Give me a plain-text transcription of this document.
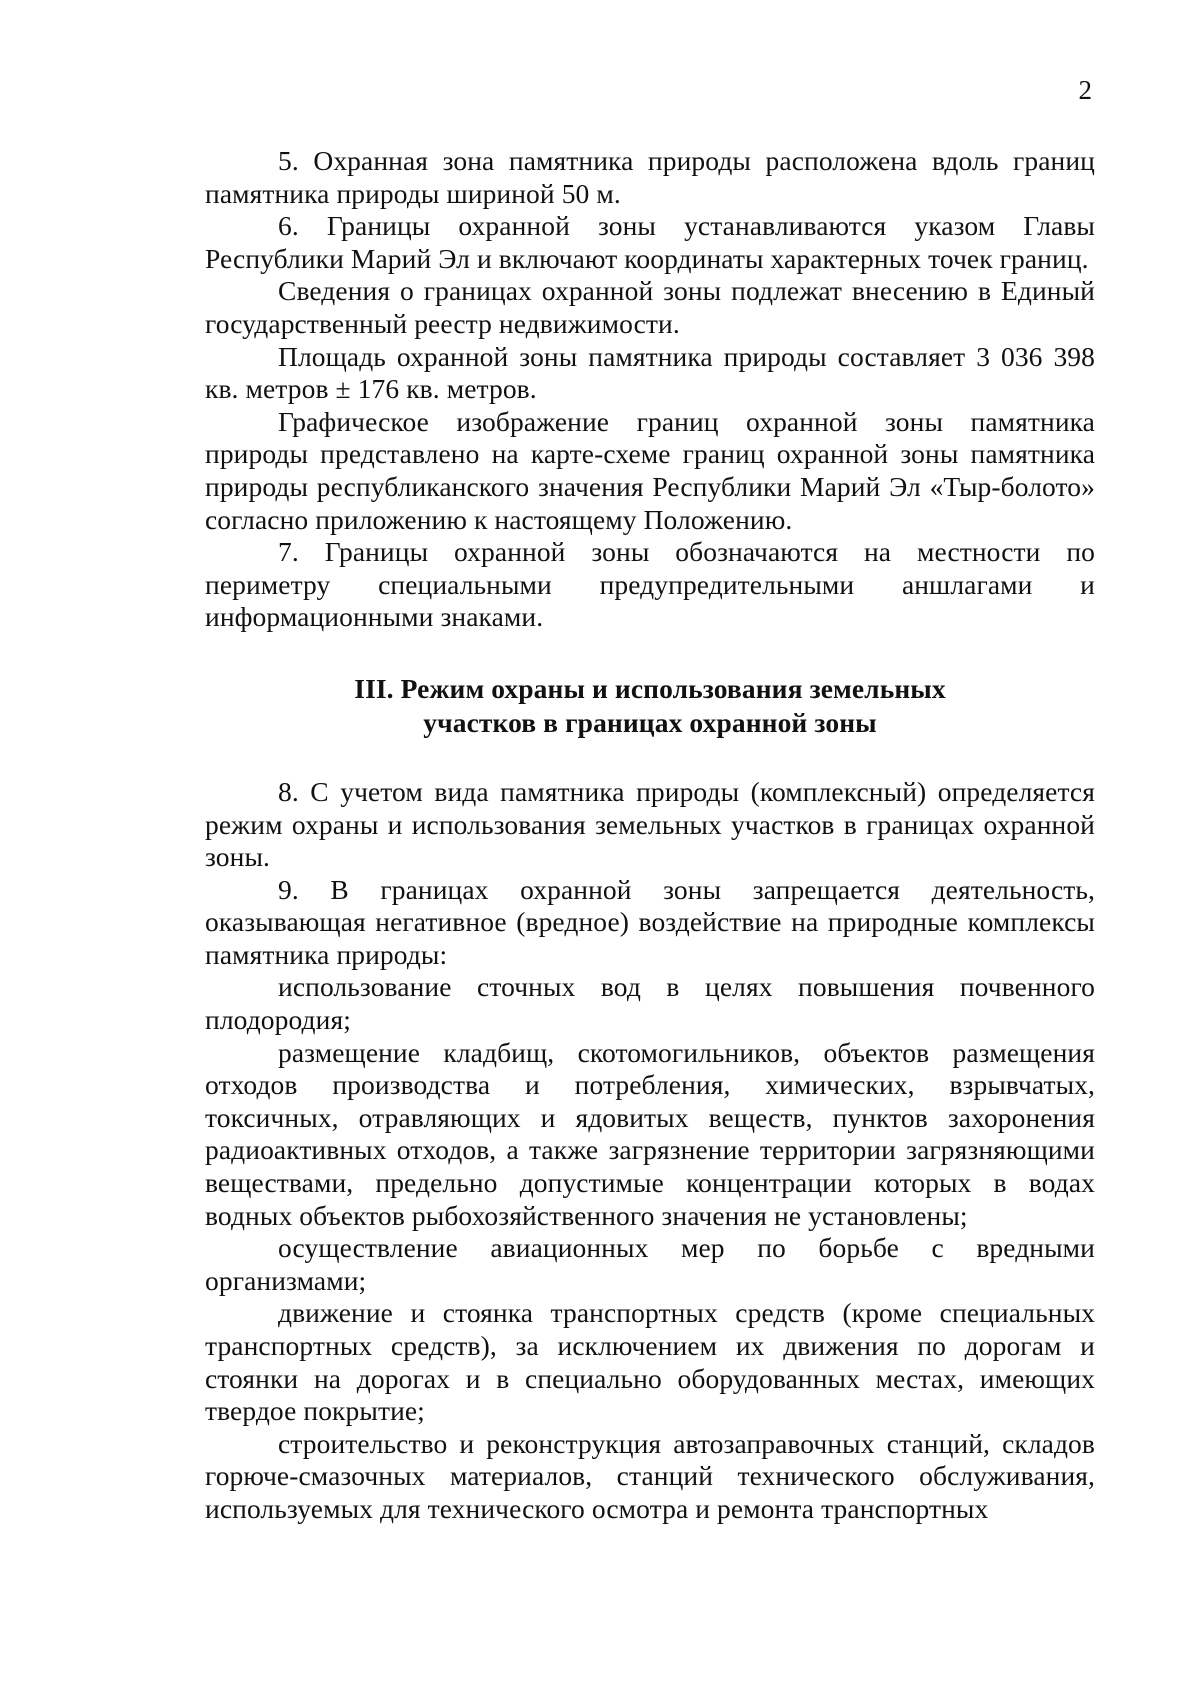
2

5. Охранная зона памятника природы расположена вдоль границ памятника природы шириной 50 м.

6. Границы охранной зоны устанавливаются указом Главы Республики Марий Эл и включают координаты характерных точек границ.

Сведения о границах охранной зоны подлежат внесению в Единый государственный реестр недвижимости.

Площадь охранной зоны памятника природы составляет 3 036 398 кв. метров ± 176 кв. метров.

Графическое изображение границ охранной зоны памятника природы представлено на карте-схеме границ охранной зоны памятника природы республиканского значения Республики Марий Эл «Тыр-болото» согласно приложению к настоящему Положению.

7. Границы охранной зоны обозначаются на местности по периметру специальными предупредительными аншлагами и информационными знаками.

III. Режим охраны и использования земельных
участков в границах охранной зоны

8. С учетом вида памятника природы (комплексный) определяется режим охраны и использования земельных участков в границах охранной зоны.

9. В границах охранной зоны запрещается деятельность, оказывающая негативное (вредное) воздействие на природные комплексы памятника природы:

использование сточных вод в целях повышения почвенного плодородия;

размещение кладбищ, скотомогильников, объектов размещения отходов производства и потребления, химических, взрывчатых, токсичных, отравляющих и ядовитых веществ, пунктов захоронения радиоактивных отходов, а также загрязнение территории загрязняющими веществами, предельно допустимые концентрации которых в водах водных объектов рыбохозяйственного значения не установлены;

осуществление авиационных мер по борьбе с вредными организмами;

движение и стоянка транспортных средств (кроме специальных транспортных средств), за исключением их движения по дорогам и стоянки на дорогах и в специально оборудованных местах, имеющих твердое покрытие;

строительство и реконструкция автозаправочных станций, складов горюче-смазочных материалов, станций технического обслуживания, используемых для технического осмотра и ремонта транспортных
